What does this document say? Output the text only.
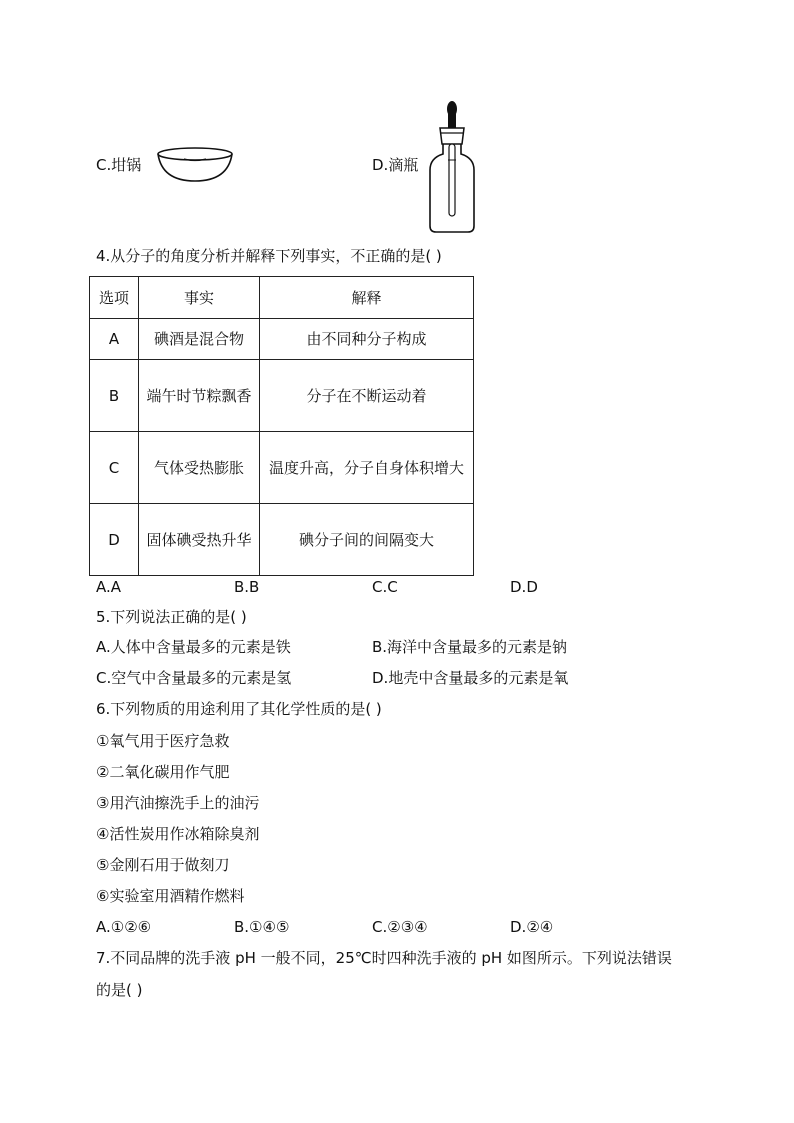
C.坩锅	D.滴瓶
4.从分子的角度分析并解释下列事实，不正确的是( )
选项	事实	解释
A	碘酒是混合物	由不同种分子构成
B	端午时节粽飘香	分子在不断运动着
C	气体受热膨胀	温度升高，分子自身体积增大
D	固体碘受热升华	碘分子间的间隔变大
A.A	B.B	C.C	D.D
5.下列说法正确的是( )
A.人体中含量最多的元素是铁	B.海洋中含量最多的元素是钠
C.空气中含量最多的元素是氢	D.地壳中含量最多的元素是氧
6.下列物质的用途利用了其化学性质的是( )
①氧气用于医疗急救
②二氧化碳用作气肥
③用汽油擦洗手上的油污
④活性炭用作冰箱除臭剂
⑤金刚石用于做刻刀
⑥实验室用酒精作燃料
A.①②⑥	B.①④⑤	C.②③④	D.②④
7.不同品牌的洗手液 pH 一般不同，25℃时四种洗手液的 pH 如图所示。下列说法错误
的是( )
